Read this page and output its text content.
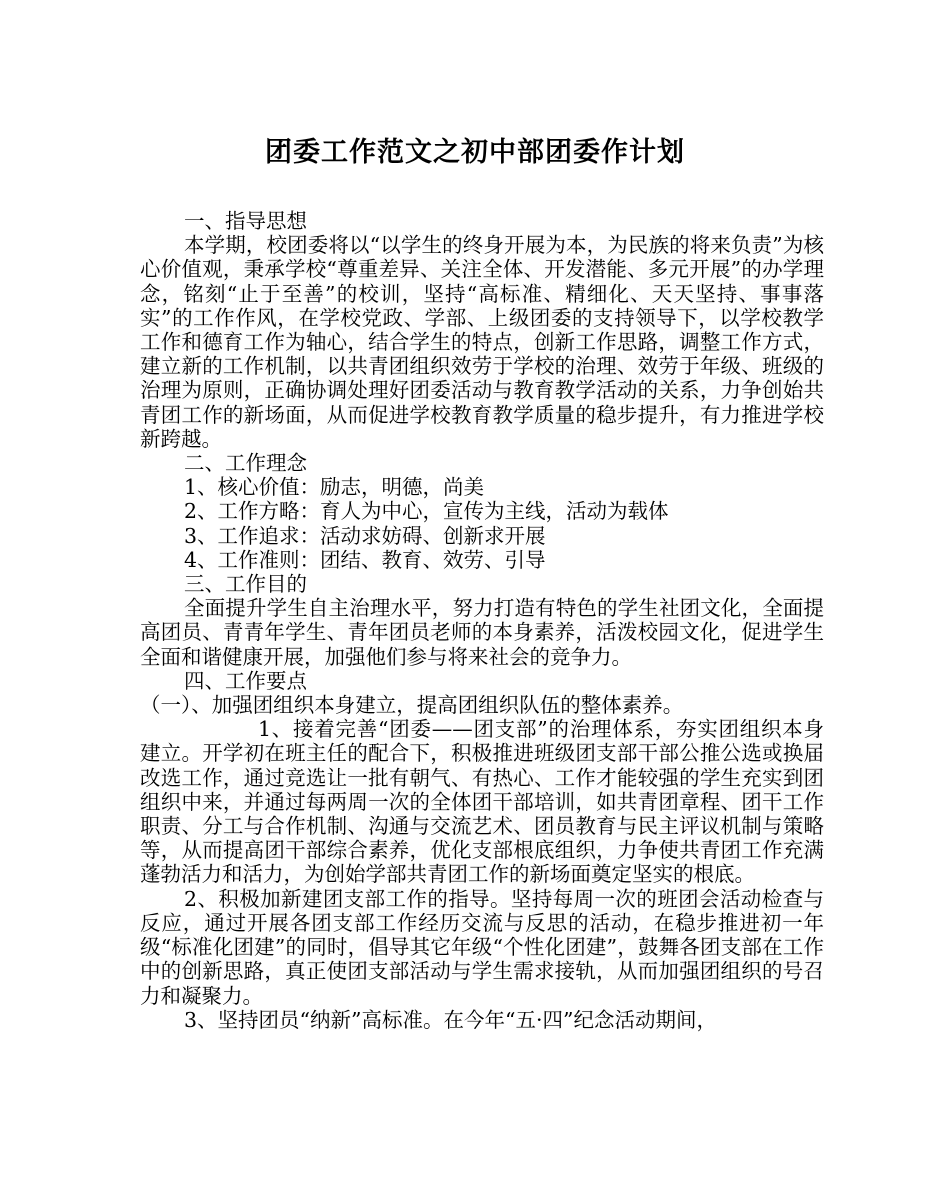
团委工作范文之初中部团委作计划

一、指导思想

本学期，校团委将以“以学生的终身开展为本，为民族的将来负责”为核心价值观，秉承学校“尊重差异、关注全体、开发潜能、多元开展”的办学理念，铭刻“止于至善”的校训，坚持“高标准、精细化、天天坚持、事事落实”的工作作风，在学校党政、学部、上级团委的支持领导下，以学校教学工作和德育工作为轴心，结合学生的特点，创新工作思路，调整工作方式，建立新的工作机制，以共青团组织效劳于学校的治理、效劳于年级、班级的治理为原则，正确协调处理好团委活动与教育教学活动的关系，力争创始共青团工作的新场面，从而促进学校教育教学质量的稳步提升，有力推进学校新跨越。

二、工作理念

1、核心价值：励志，明德，尚美

2、工作方略：育人为中心，宣传为主线，活动为载体

3、工作追求：活动求妨碍、创新求开展

4、工作准则：团结、教育、效劳、引导

三、工作目的

全面提升学生自主治理水平，努力打造有特色的学生社团文化，全面提高团员、青青年学生、青年团员老师的本身素养，活泼校园文化，促进学生全面和谐健康开展，加强他们参与将来社会的竞争力。

四、工作要点

（一）、加强团组织本身建立，提高团组织队伍的整体素养。

1、接着完善“团委——团支部”的治理体系，夯实团组织本身建立。开学初在班主任的配合下，积极推进班级团支部干部公推公选或换届改选工作，通过竞选让一批有朝气、有热心、工作才能较强的学生充实到团组织中来，并通过每两周一次的全体团干部培训，如共青团章程、团干工作职责、分工与合作机制、沟通与交流艺术、团员教育与民主评议机制与策略等，从而提高团干部综合素养，优化支部根底组织，力争使共青团工作充满蓬勃活力和活力，为创始学部共青团工作的新场面奠定坚实的根底。

2、积极加新建团支部工作的指导。坚持每周一次的班团会活动检查与反应，通过开展各团支部工作经历交流与反思的活动，在稳步推进初一年级“标准化团建”的同时，倡导其它年级“个性化团建”，鼓舞各团支部在工作中的创新思路，真正使团支部活动与学生需求接轨，从而加强团组织的号召力和凝聚力。

3、坚持团员“纳新”高标准。在今年“五·四”纪念活动期间，
